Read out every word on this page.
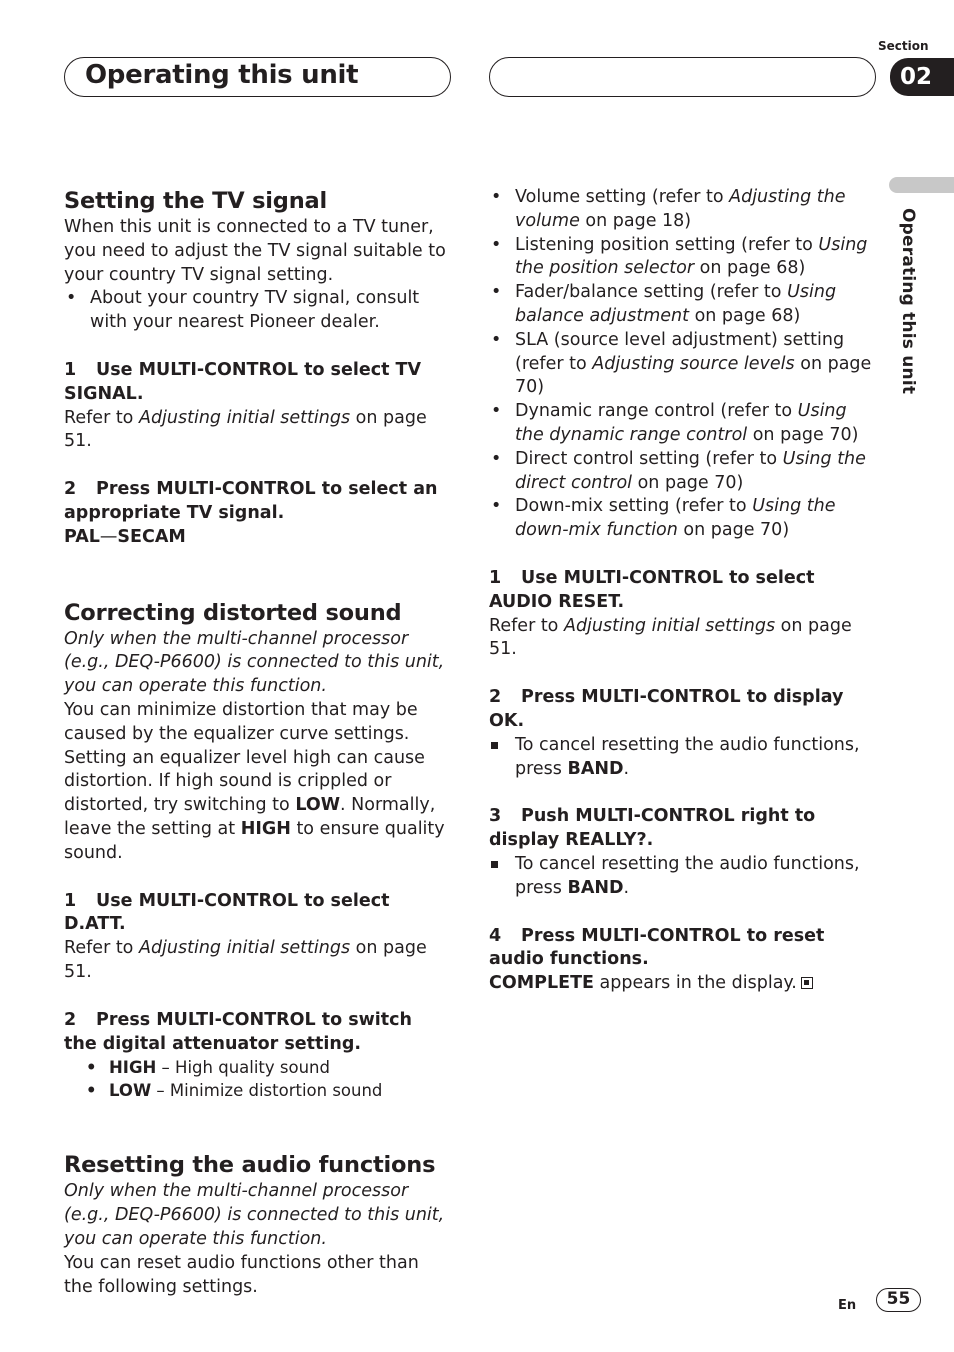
Operating this unit
Section
02
Operating this unit
Setting the TV signal

When this unit is connected to a TV tuner, you need to adjust the TV signal suitable to your country TV signal setting.

• About your country TV signal, consult with your nearest Pioneer dealer.

1 Use MULTI-CONTROL to select TV SIGNAL.

Refer to Adjusting initial settings on page 51.

2 Press MULTI-CONTROL to select an appropriate TV signal.

PAL—SECAM

Correcting distorted sound

Only when the multi-channel processor (e.g., DEQ-P6600) is connected to this unit, you can operate this function.

You can minimize distortion that may be caused by the equalizer curve settings. Setting an equalizer level high can cause distortion. If high sound is crippled or distorted, try switching to LOW. Normally, leave the setting at HIGH to ensure quality sound.

1 Use MULTI-CONTROL to select D.ATT.

Refer to Adjusting initial settings on page 51.

2 Press MULTI-CONTROL to switch the digital attenuator setting.

• HIGH – High quality sound
• LOW – Minimize distortion sound
Resetting the audio functions

Only when the multi-channel processor (e.g., DEQ-P6600) is connected to this unit, you can operate this function.

You can reset audio functions other than the following settings.

• Volume setting (refer to Adjusting the volume on page 18)
• Listening position setting (refer to Using the position selector on page 68)
• Fader/balance setting (refer to Using balance adjustment on page 68)
• SLA (source level adjustment) setting (refer to Adjusting source levels on page 70)
• Dynamic range control (refer to Using the dynamic range control on page 70)
• Direct control setting (refer to Using the direct control on page 70)
• Down-mix setting (refer to Using the down-mix function on page 70)

1 Use MULTI-CONTROL to select AUDIO RESET.

Refer to Adjusting initial settings on page 51.

2 Press MULTI-CONTROL to display OK.

To cancel resetting the audio functions, press BAND.

3 Push MULTI-CONTROL right to display REALLY?.

To cancel resetting the audio functions, press BAND.

4 Press MULTI-CONTROL to reset audio functions.

COMPLETE appears in the display.

En	55
